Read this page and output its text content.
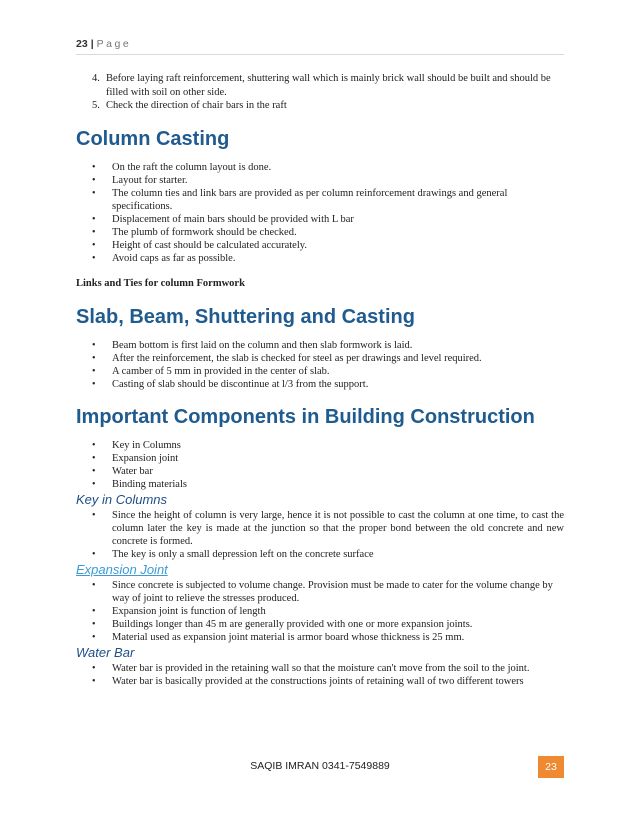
23 | Page
4. Before laying raft reinforcement, shuttering wall which is mainly brick wall should be built and should be filled with soil on other side.
5. Check the direction of chair bars in the raft
Column Casting
• On the raft the column layout is done.
• Layout for starter.
• The column ties and link bars are provided as per column reinforcement drawings and general specifications.
• Displacement of main bars should be provided with L bar
• The plumb of formwork should be checked.
• Height of cast should be calculated accurately.
• Avoid caps as far as possible.

Links and Ties for column Formwork

Slab, Beam, Shuttering and Casting
• Beam bottom is first laid on the column and then slab formwork is laid.
• After the reinforcement, the slab is checked for steel as per drawings and level required.
• A camber of 5 mm in provided in the center of slab.
• Casting of slab should be discontinue at l/3 from the support.
Important Components in Building Construction
• Key in Columns
• Expansion joint
• Water bar
• Binding materials
Key in Columns
• Since the height of column is very large, hence it is not possible to cast the column at one time, to cast the column later the key is made at the junction so that the proper bond between the old concrete and new concrete is formed.
• The key is only a small depression left on the concrete surface
Expansion Joint
• Since concrete is subjected to volume change. Provision must be made to cater for the volume change by way of joint to relieve the stresses produced.
• Expansion joint is function of length
• Buildings longer than 45 m are generally provided with one or more expansion joints.
• Material used as expansion joint material is armor board whose thickness is 25 mm.
Water Bar
• Water bar is provided in the retaining wall so that the moisture can't move from the soil to the joint.
• Water bar is basically provided at the constructions joints of retaining wall of two different towers
SAQIB IMRAN 0341-7549889	23
